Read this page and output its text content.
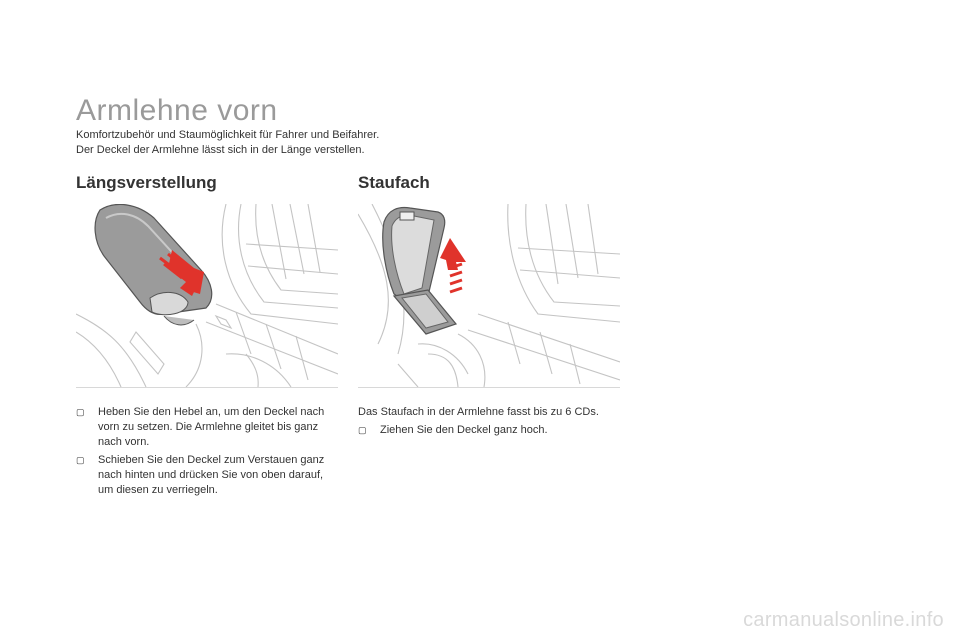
Armlehne vorn
Komfortzubehör und Staumöglichkeit für Fahrer und Beifahrer.
Der Deckel der Armlehne lässt sich in der Länge verstellen.
Längsverstellung	Staufach
▢	Heben Sie den Hebel an, um den Deckel nach vorn zu setzen. Die Armlehne gleitet bis ganz nach vorn.
▢	Schieben Sie den Deckel zum Verstauen ganz nach hinten und drücken Sie von oben darauf, um diesen zu verriegeln.

Das Staufach in der Armlehne fasst bis zu 6 CDs.

▢	Ziehen Sie den Deckel ganz hoch.
carmanualsonline.info
